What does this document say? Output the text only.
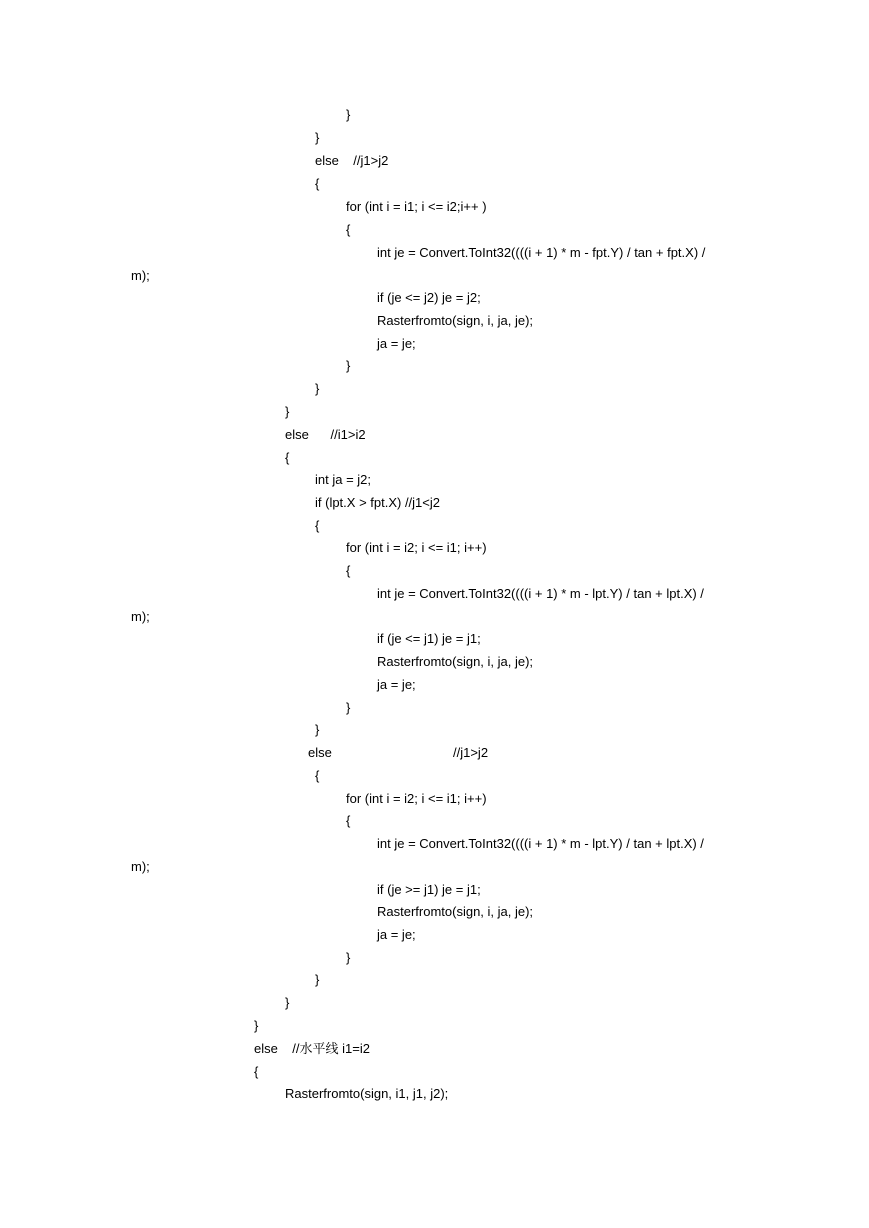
}
}
else    //j1>j2
{
for (int i = i1; i <= i2;i++ )
{
int je = Convert.ToInt32((((i + 1) * m - fpt.Y) / tan + fpt.X) /
m);
if (je <= j2) je = j2;
Rasterfromto(sign, i, ja, je);
ja = je;
}
}
}
else      //i1>i2
{
int ja = j2;
if (lpt.X > fpt.X) //j1<j2
{
for (int i = i2; i <= i1; i++)
{
int je = Convert.ToInt32((((i + 1) * m - lpt.Y) / tan + lpt.X) /
m);
if (je <= j1) je = j1;
Rasterfromto(sign, i, ja, je);
ja = je;
}
}
else	//j1>j2
{
for (int i = i2; i <= i1; i++)
{
int je = Convert.ToInt32((((i + 1) * m - lpt.Y) / tan + lpt.X) /
m);
if (je >= j1) je = j1;
Rasterfromto(sign, i, ja, je);
ja = je;
}
}
}
}
else    //水平线 i1=i2
{
Rasterfromto(sign, i1, j1, j2);
